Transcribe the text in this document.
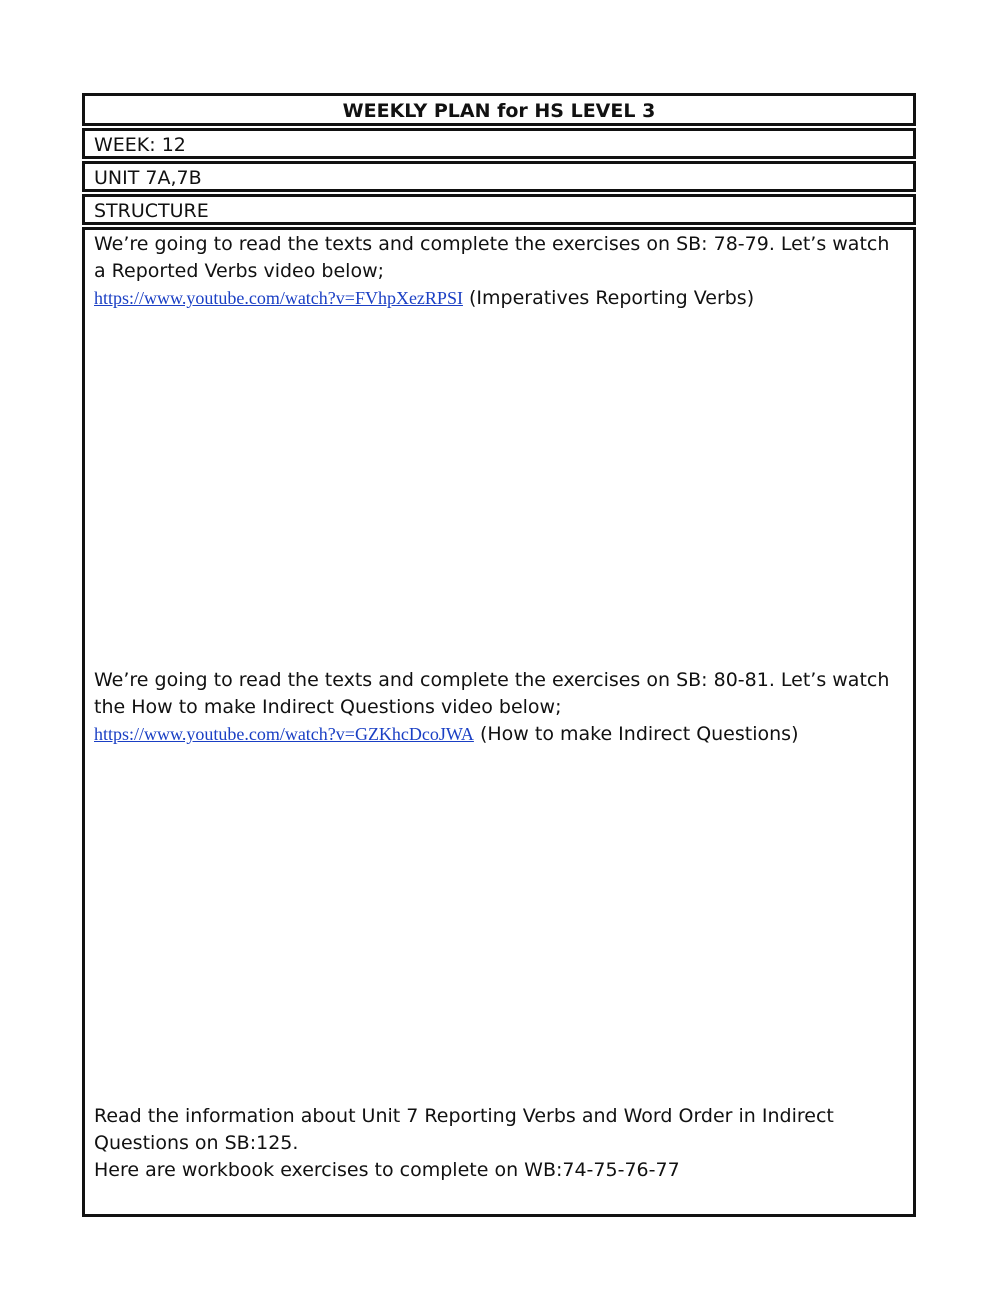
WEEKLY PLAN for HS LEVEL 3
WEEK: 12
UNIT 7A,7B
STRUCTURE
We’re going to read the texts and complete the exercises on SB: 78-79. Let’s watch a Reported Verbs video below;
https://www.youtube.com/watch?v=FVhpXezRPSI (Imperatives Reporting Verbs)
We’re going to read the texts and complete the exercises on SB: 80-81. Let’s watch the How to make Indirect Questions video below;
https://www.youtube.com/watch?v=GZKhcDcoJWA (How to make Indirect Questions)
Read the information about Unit 7 Reporting Verbs and Word Order in Indirect Questions on SB:125.
Here are workbook exercises to complete on WB:74-75-76-77
